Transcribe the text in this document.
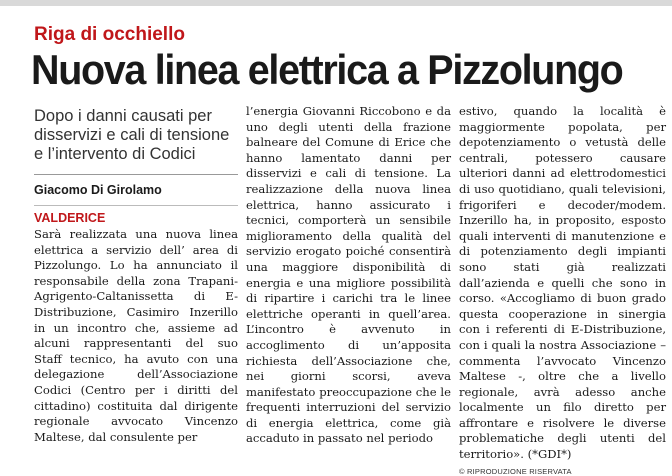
Riga di occhiello
Nuova linea elettrica a Pizzolungo

Dopo i danni causati per disservizi e cali di tensione e l’intervento di Codici

Giacomo Di Girolamo

VALDERICE

Sarà realizzata una nuova linea elettrica a servizio dell’ area di Pizzolungo. Lo ha annunciato il responsabile della zona Trapani-Agrigento-Caltanissetta di E-Distribuzione, Casimiro Inzerillo in un incontro che, assieme ad alcuni rappresentanti del suo Staff tecnico, ha avuto con una delegazione dell’Associazione Codici (Centro per i diritti del cittadino) costituita dal dirigente regionale avvocato Vincenzo Maltese, dal consulente per

l’energia Giovanni Riccobono e da uno degli utenti della frazione balneare del Comune di Erice che hanno lamentato danni per disservizi e cali di tensione. La realizzazione della nuova linea elettrica, hanno assicurato i tecnici, comporterà un sensibile miglioramento della qualità del servizio erogato poiché consentirà una maggiore disponibilità di energia e una migliore possibilità di ripartire i carichi tra le linee elettriche operanti in quell’area. L’incontro è avvenuto in accoglimento di un’apposita richiesta dell’Associazione che, nei giorni scorsi, aveva manifestato preoccupazione che le frequenti interruzioni del servizio di energia elettrica, come già accaduto in passato nel periodo

estivo, quando la località è maggiormente popolata, per depotenziamento o vetustà delle centrali, potessero causare ulteriori danni ad elettrodomestici di uso quotidiano, quali televisioni, frigoriferi e decoder/modem. Inzerillo ha, in proposito, esposto quali interventi di manutenzione e di potenziamento degli impianti sono stati già realizzati dall’azienda e quelli che sono in corso. «Accogliamo di buon grado questa cooperazione in sinergia con i referenti di E-Distribuzione, con i quali la nostra Associazione – commenta l’avvocato Vincenzo Maltese -, oltre che a livello regionale, avrà adesso anche localmente un filo diretto per affrontare e risolvere le diverse problematiche degli utenti del territorio». (*GDI*)

© RIPRODUZIONE RISERVATA
